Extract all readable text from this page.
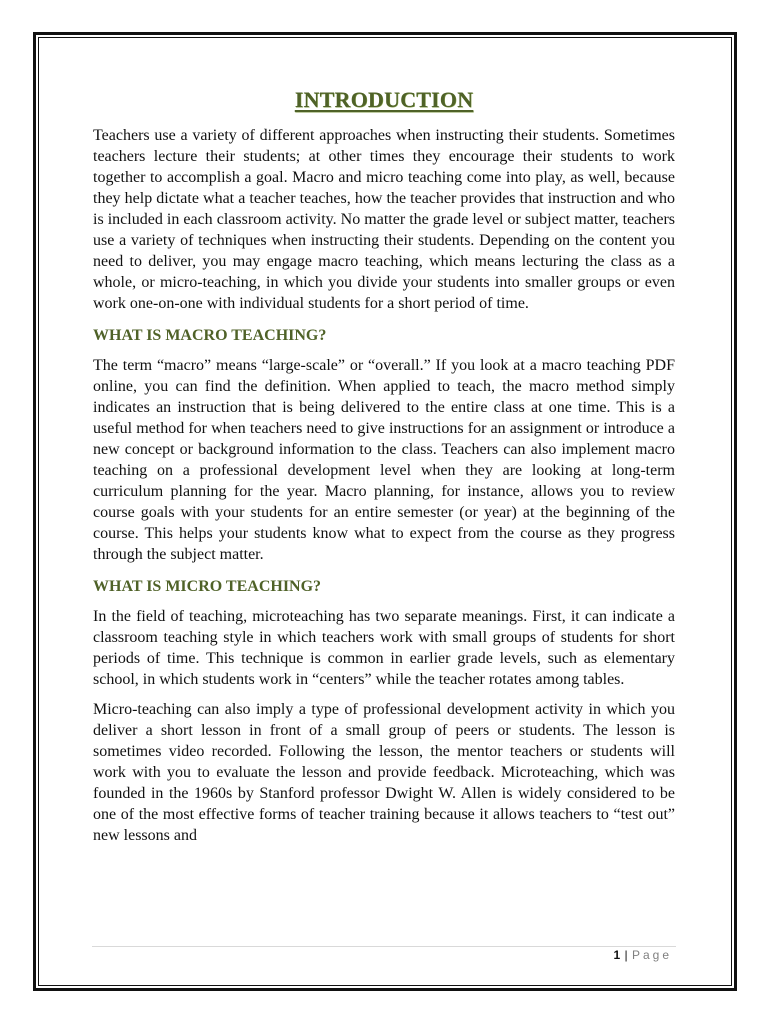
INTRODUCTION

Teachers use a variety of different approaches when instructing their students. Sometimes teachers lecture their students; at other times they encourage their students to work together to accomplish a goal. Macro and micro teaching come into play, as well, because they help dictate what a teacher teaches, how the teacher provides that instruction and who is included in each classroom activity. No matter the grade level or subject matter, teachers use a variety of techniques when instructing their students. Depending on the content you need to deliver, you may engage macro teaching, which means lecturing the class as a whole, or micro-teaching, in which you divide your students into smaller groups or even work one-on-one with individual students for a short period of time.

WHAT IS MACRO TEACHING?

The term “macro” means “large-scale” or “overall.” If you look at a macro teaching PDF online, you can find the definition. When applied to teach, the macro method simply indicates an instruction that is being delivered to the entire class at one time. This is a useful method for when teachers need to give instructions for an assignment or introduce a new concept or background information to the class. Teachers can also implement macro teaching on a professional development level when they are looking at long-term curriculum planning for the year. Macro planning, for instance, allows you to review course goals with your students for an entire semester (or year) at the beginning of the course. This helps your students know what to expect from the course as they progress through the subject matter.

WHAT IS MICRO TEACHING?

In the field of teaching, microteaching has two separate meanings. First, it can indicate a classroom teaching style in which teachers work with small groups of students for short periods of time. This technique is common in earlier grade levels, such as elementary school, in which students work in “centers” while the teacher rotates among tables.

Micro-teaching can also imply a type of professional development activity in which you deliver a short lesson in front of a small group of peers or students. The lesson is sometimes video recorded. Following the lesson, the mentor teachers or students will work with you to evaluate the lesson and provide feedback. Microteaching, which was founded in the 1960s by Stanford professor Dwight W. Allen is widely considered to be one of the most effective forms of teacher training because it allows teachers to “test out” new lessons and

1 | Page
